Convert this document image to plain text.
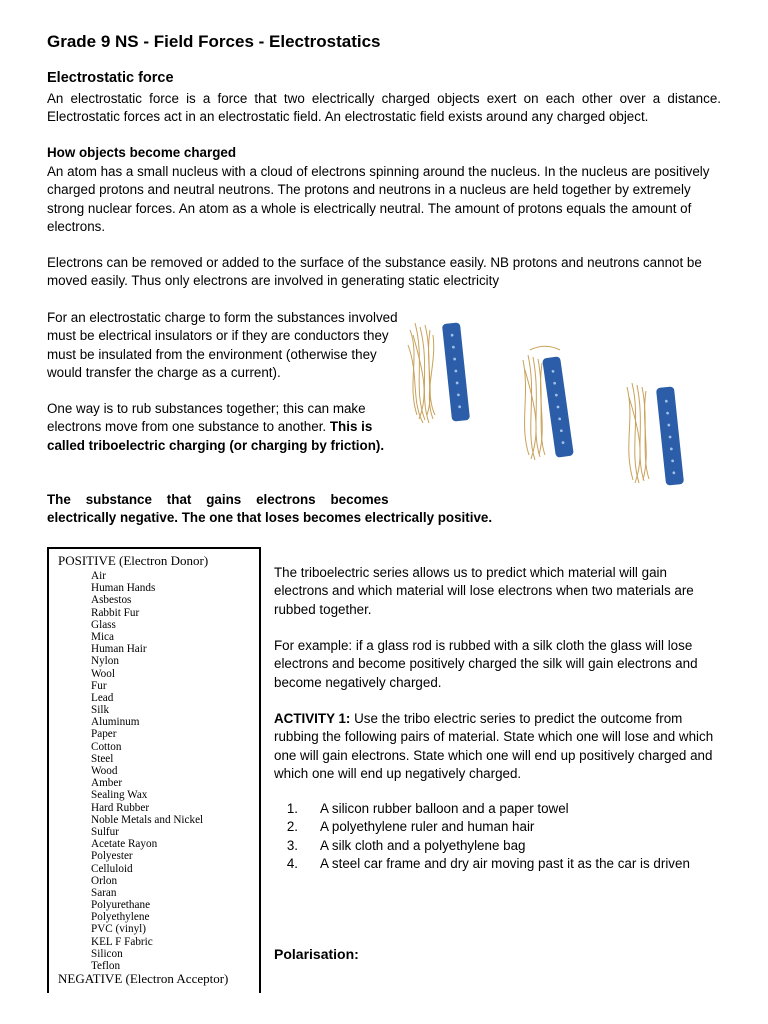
Grade 9 NS - Field Forces - Electrostatics
Electrostatic force

An electrostatic force is a force that two electrically charged objects exert on each other over a distance. Electrostatic forces act in an electrostatic field. An electrostatic field exists around any charged object.

How objects become charged

An atom has a small nucleus with a cloud of electrons spinning around the nucleus. In the nucleus are positively charged protons and neutral neutrons. The protons and neutrons in a nucleus are held together by extremely strong nuclear forces. An atom as a whole is electrically neutral. The amount of protons equals the amount of electrons.

Electrons can be removed or added to the surface of the substance easily. NB protons and neutrons cannot be moved easily. Thus only electrons are involved in generating static electricity

For an electrostatic charge to form the substances involved must be electrical insulators or if they are conductors they must be insulated from the environment (otherwise they would transfer the charge as a current).

One way is to rub substances together; this can make electrons move from one substance to another. This is called triboelectric charging (or charging by friction).

The    substance    that    gains    electrons    becomes

electrically negative. The one that loses becomes electrically positive.

POSITIVE (Electron Donor)
Air
Human Hands
Asbestos
Rabbit Fur
Glass
Mica
Human Hair
Nylon
Wool
Fur
Lead
Silk
Aluminum
Paper
Cotton
Steel
Wood
Amber
Sealing Wax
Hard Rubber
Noble Metals and Nickel
Sulfur
Acetate Rayon
Polyester
Celluloid
Orlon
Saran
Polyurethane
Polyethylene
PVC (vinyl)
KEL F Fabric
Silicon
Teflon
NEGATIVE (Electron Acceptor)

The triboelectric series allows us to predict which material will gain electrons and which material will lose electrons when two materials are rubbed together.

For example: if a glass rod is rubbed with a silk cloth the glass will lose electrons and become positively charged the silk will gain electrons and become negatively charged.

ACTIVITY 1: Use the tribo electric series to predict the outcome from rubbing the following pairs of material. State which one will lose and which one will gain electrons. State which one will end up positively charged and which one will end up negatively charged.

1. A silicon rubber balloon and a paper towel
2. A polyethylene ruler and human hair
3. A silk cloth and a polyethylene bag
4. A steel car frame and dry air moving past it as the car is driven
Polarisation:
